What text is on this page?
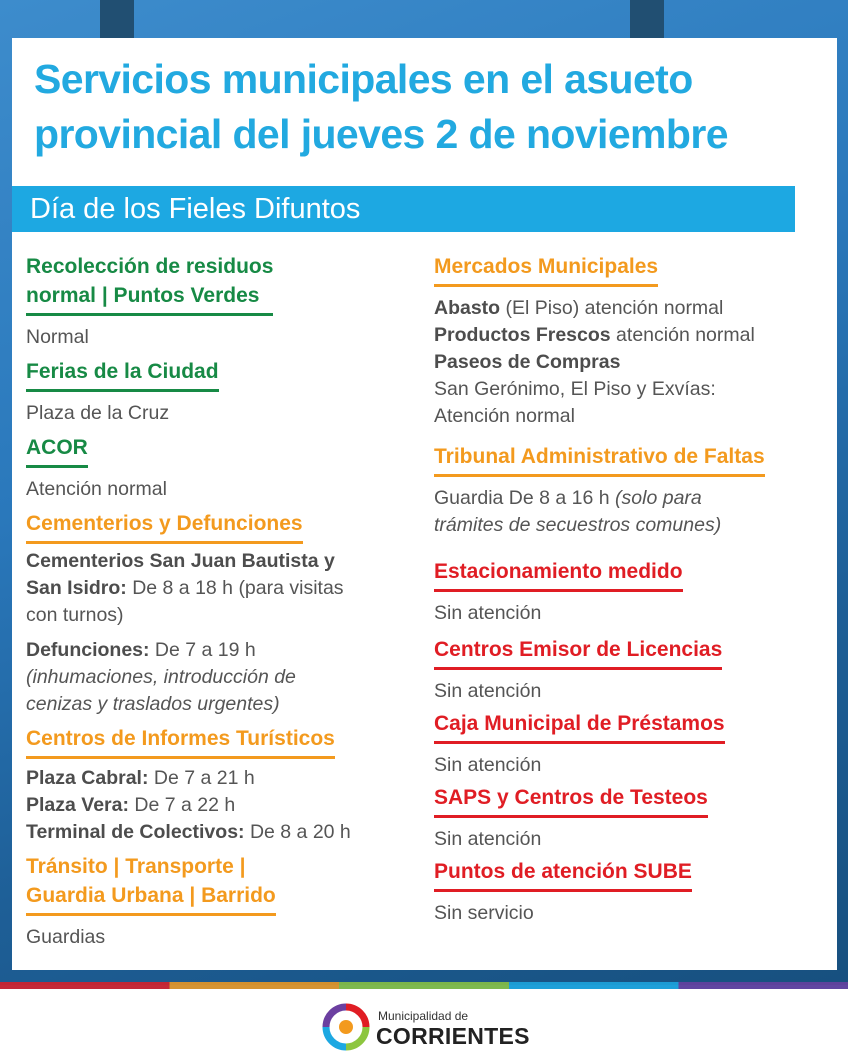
Servicios municipales en el asueto
provincial del jueves 2 de noviembre
Día de los Fieles Difuntos
Recolección de residuos
normal | Puntos Verdes
Normal
Ferias de la Ciudad
Plaza de la Cruz
ACOR
Atención normal
Cementerios y Defunciones
Cementerios San Juan Bautista y
San Isidro: De 8 a 18 h (para visitas
con turnos)
Defunciones: De 7 a 19 h
(inhumaciones, introducción de
cenizas y traslados urgentes)
Centros de Informes Turísticos
Plaza Cabral: De 7 a 21 h
Plaza Vera: De 7 a 22 h
Terminal de Colectivos: De 8 a 20 h
Tránsito | Transporte |
Guardia Urbana | Barrido
Guardias
Mercados Municipales
Abasto (El Piso) atención normal
Productos Frescos atención normal
Paseos de Compras
San Gerónimo, El Piso y Exvías:
Atención normal
Tribunal Administrativo de Faltas
Guardia De 8 a 16 h (solo para
trámites de secuestros comunes)
Estacionamiento medido
Sin atención
Centros Emisor de Licencias
Sin atención
Caja Municipal de Préstamos
Sin atención
SAPS y Centros de Testeos
Sin atención
Puntos de atención SUBE
Sin servicio
Municipalidad de
CORRIENTES
